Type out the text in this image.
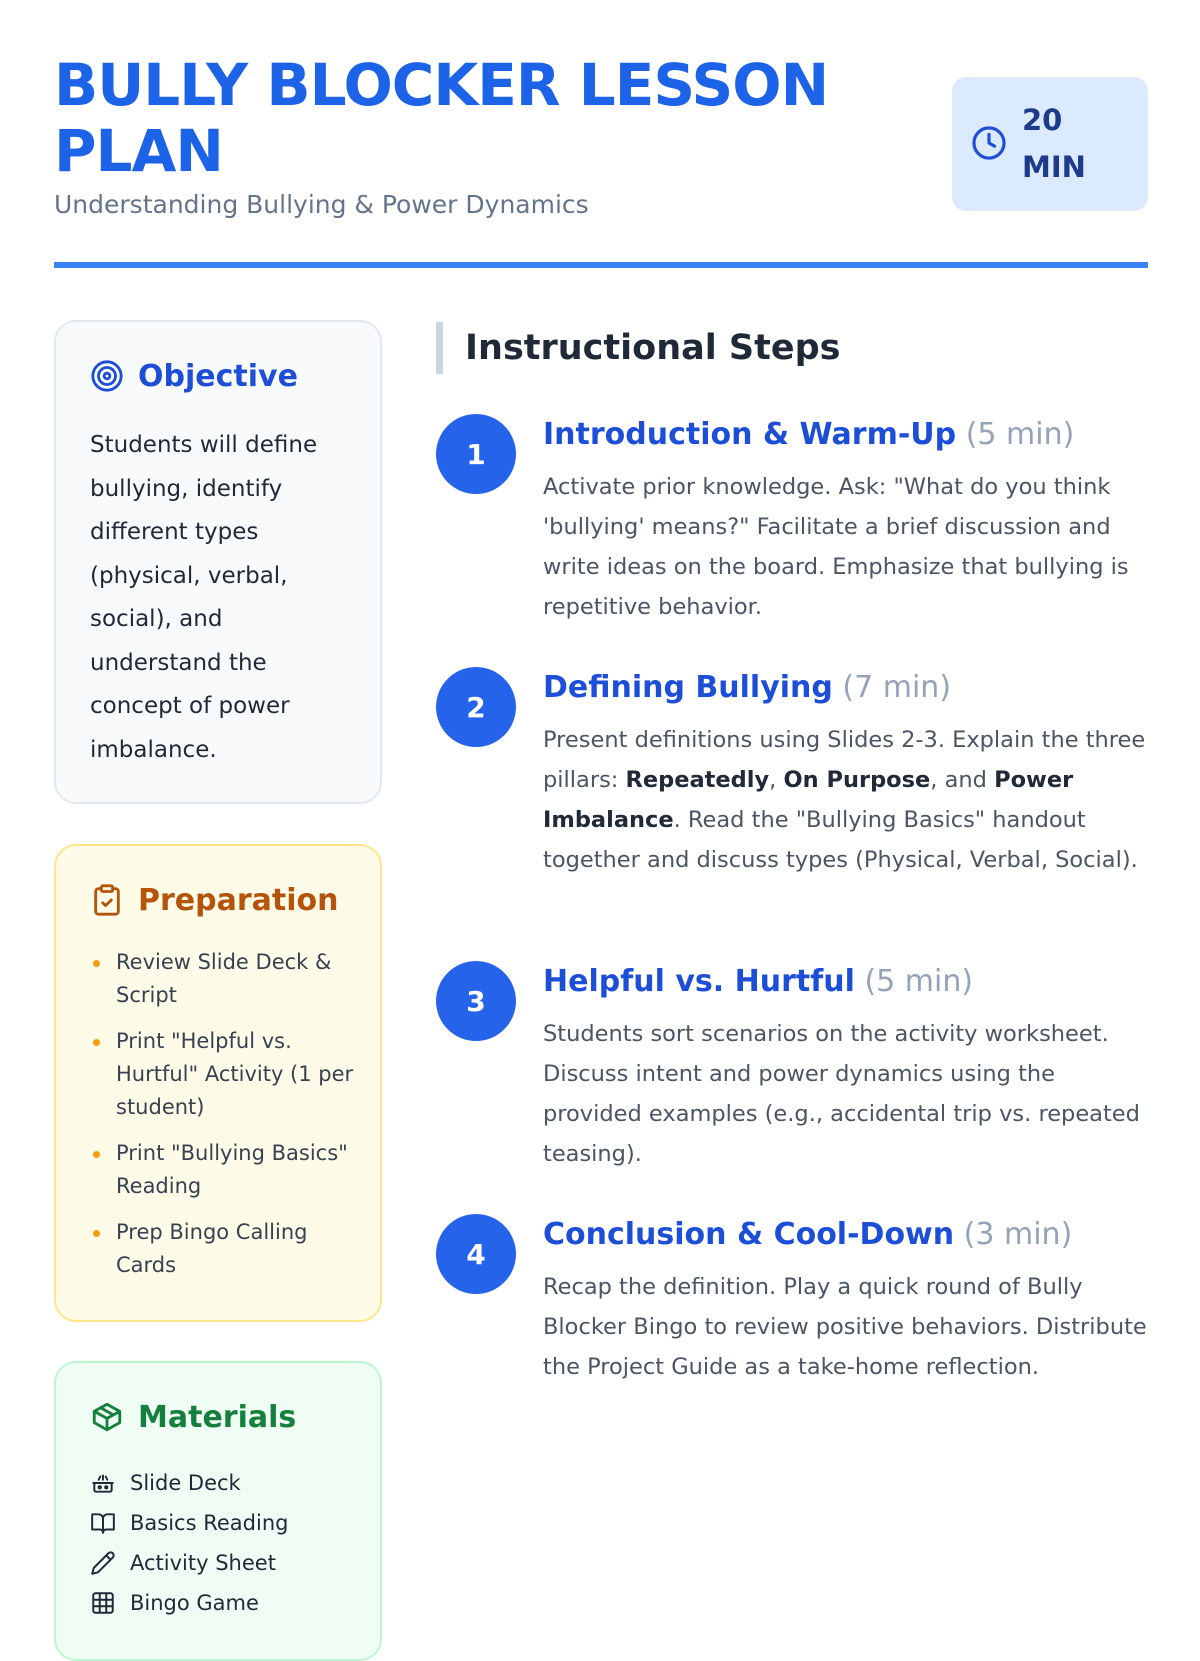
BULLY BLOCKER LESSON PLAN
Understanding Bullying & Power Dynamics
20 MIN
Objective

Students will define bullying, identify different types (physical, verbal, social), and understand the concept of power imbalance.

Preparation
Review Slide Deck & Script
Print "Helpful vs. Hurtful" Activity (1 per student)
Print "Bullying Basics" Reading
Prep Bingo Calling Cards
Materials
Slide Deck
Basics Reading
Activity Sheet
Bingo Game
Instructional Steps
1
Introduction & Warm-Up (5 min)

Activate prior knowledge. Ask: "What do you think 'bullying' means?" Facilitate a brief discussion and write ideas on the board. Emphasize that bullying is repetitive behavior.

2
Defining Bullying (7 min)

Present definitions using Slides 2-3. Explain the three pillars: Repeatedly, On Purpose, and Power Imbalance. Read the "Bullying Basics" handout together and discuss types (Physical, Verbal, Social).

3
Helpful vs. Hurtful (5 min)

Students sort scenarios on the activity worksheet. Discuss intent and power dynamics using the provided examples (e.g., accidental trip vs. repeated teasing).

4
Conclusion & Cool-Down (3 min)

Recap the definition. Play a quick round of Bully Blocker Bingo to review positive behaviors. Distribute the Project Guide as a take-home reflection.
